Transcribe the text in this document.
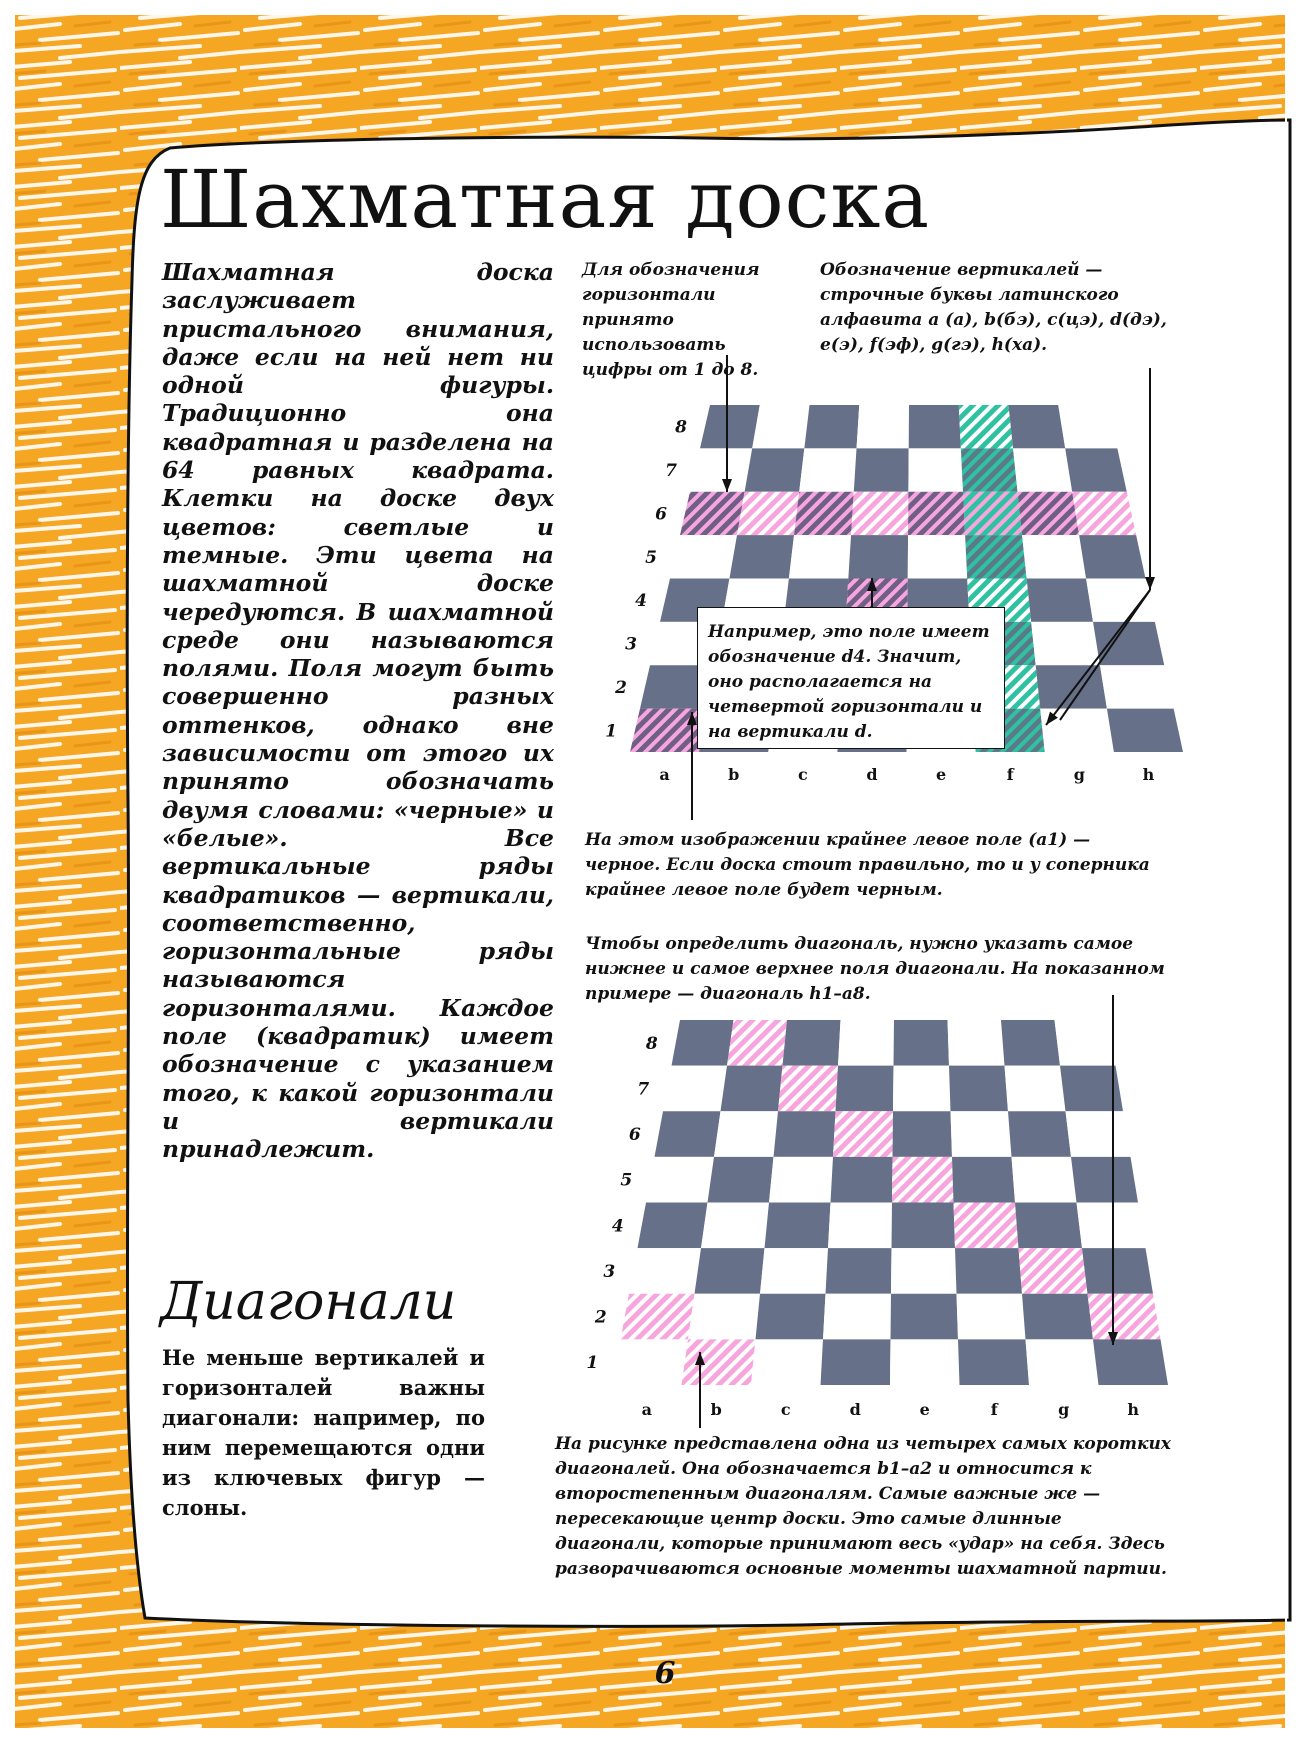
Шахматная доска
Шахматная доска заслуживает пристального внимания, даже если на ней нет ни одной фигуры. Традиционно она квадратная и разделена на 64 равных квадрата. Клетки на доске двух цветов: светлые и темные. Эти цвета на шахматной доске чередуются. В шахматной среде они называются полями. Поля могут быть совершенно разных оттенков, однако вне зависимости от этого их принято обозначать двумя словами: «черные» и «белые». Все вертикальные ряды квадратиков — вертикали, соответственно, горизонтальные ряды называются горизонталями. Каждое поле (квадратик) имеет обозначение с указанием того, к какой горизонтали и вертикали принадлежит.
Для обозначения горизонтали принято использовать цифры от 1 до 8.
Обозначение вертикалей — строчные буквы латинского алфавита a (a), b(бэ), c(цэ), d(дэ), e(э), f(эф), g(гэ), h(ха).
8
7
6
5
4
3
2
1
a	b	c	d	e	f	g	h
Например, это поле имеет обозначение d4. Значит, оно располагается на четвертой горизонтали и на вертикали d.
На этом изображении крайнее левое поле (a1) — черное. Если доска стоит правильно, то и у соперника крайнее левое поле будет черным.
Чтобы определить диагональ, нужно указать самое нижнее и самое верхнее поля диагонали. На показанном примере — диагональ h1–a8.
8
7
6
5
4
3
2
1
a	b	c	d	e	f	g	h
Диагонали
Не меньше вертикалей и горизонталей важны диагонали: например, по ним перемещаются одни из ключевых фигур — слоны.
На рисунке представлена одна из четырех самых коротких диагоналей. Она обозначается b1–a2 и относится к второстепенным диагоналям. Самые важные же — пересекающие центр доски. Это самые длинные диагонали, которые принимают весь «удар» на себя. Здесь разворачиваются основные моменты шахматной партии.
6
